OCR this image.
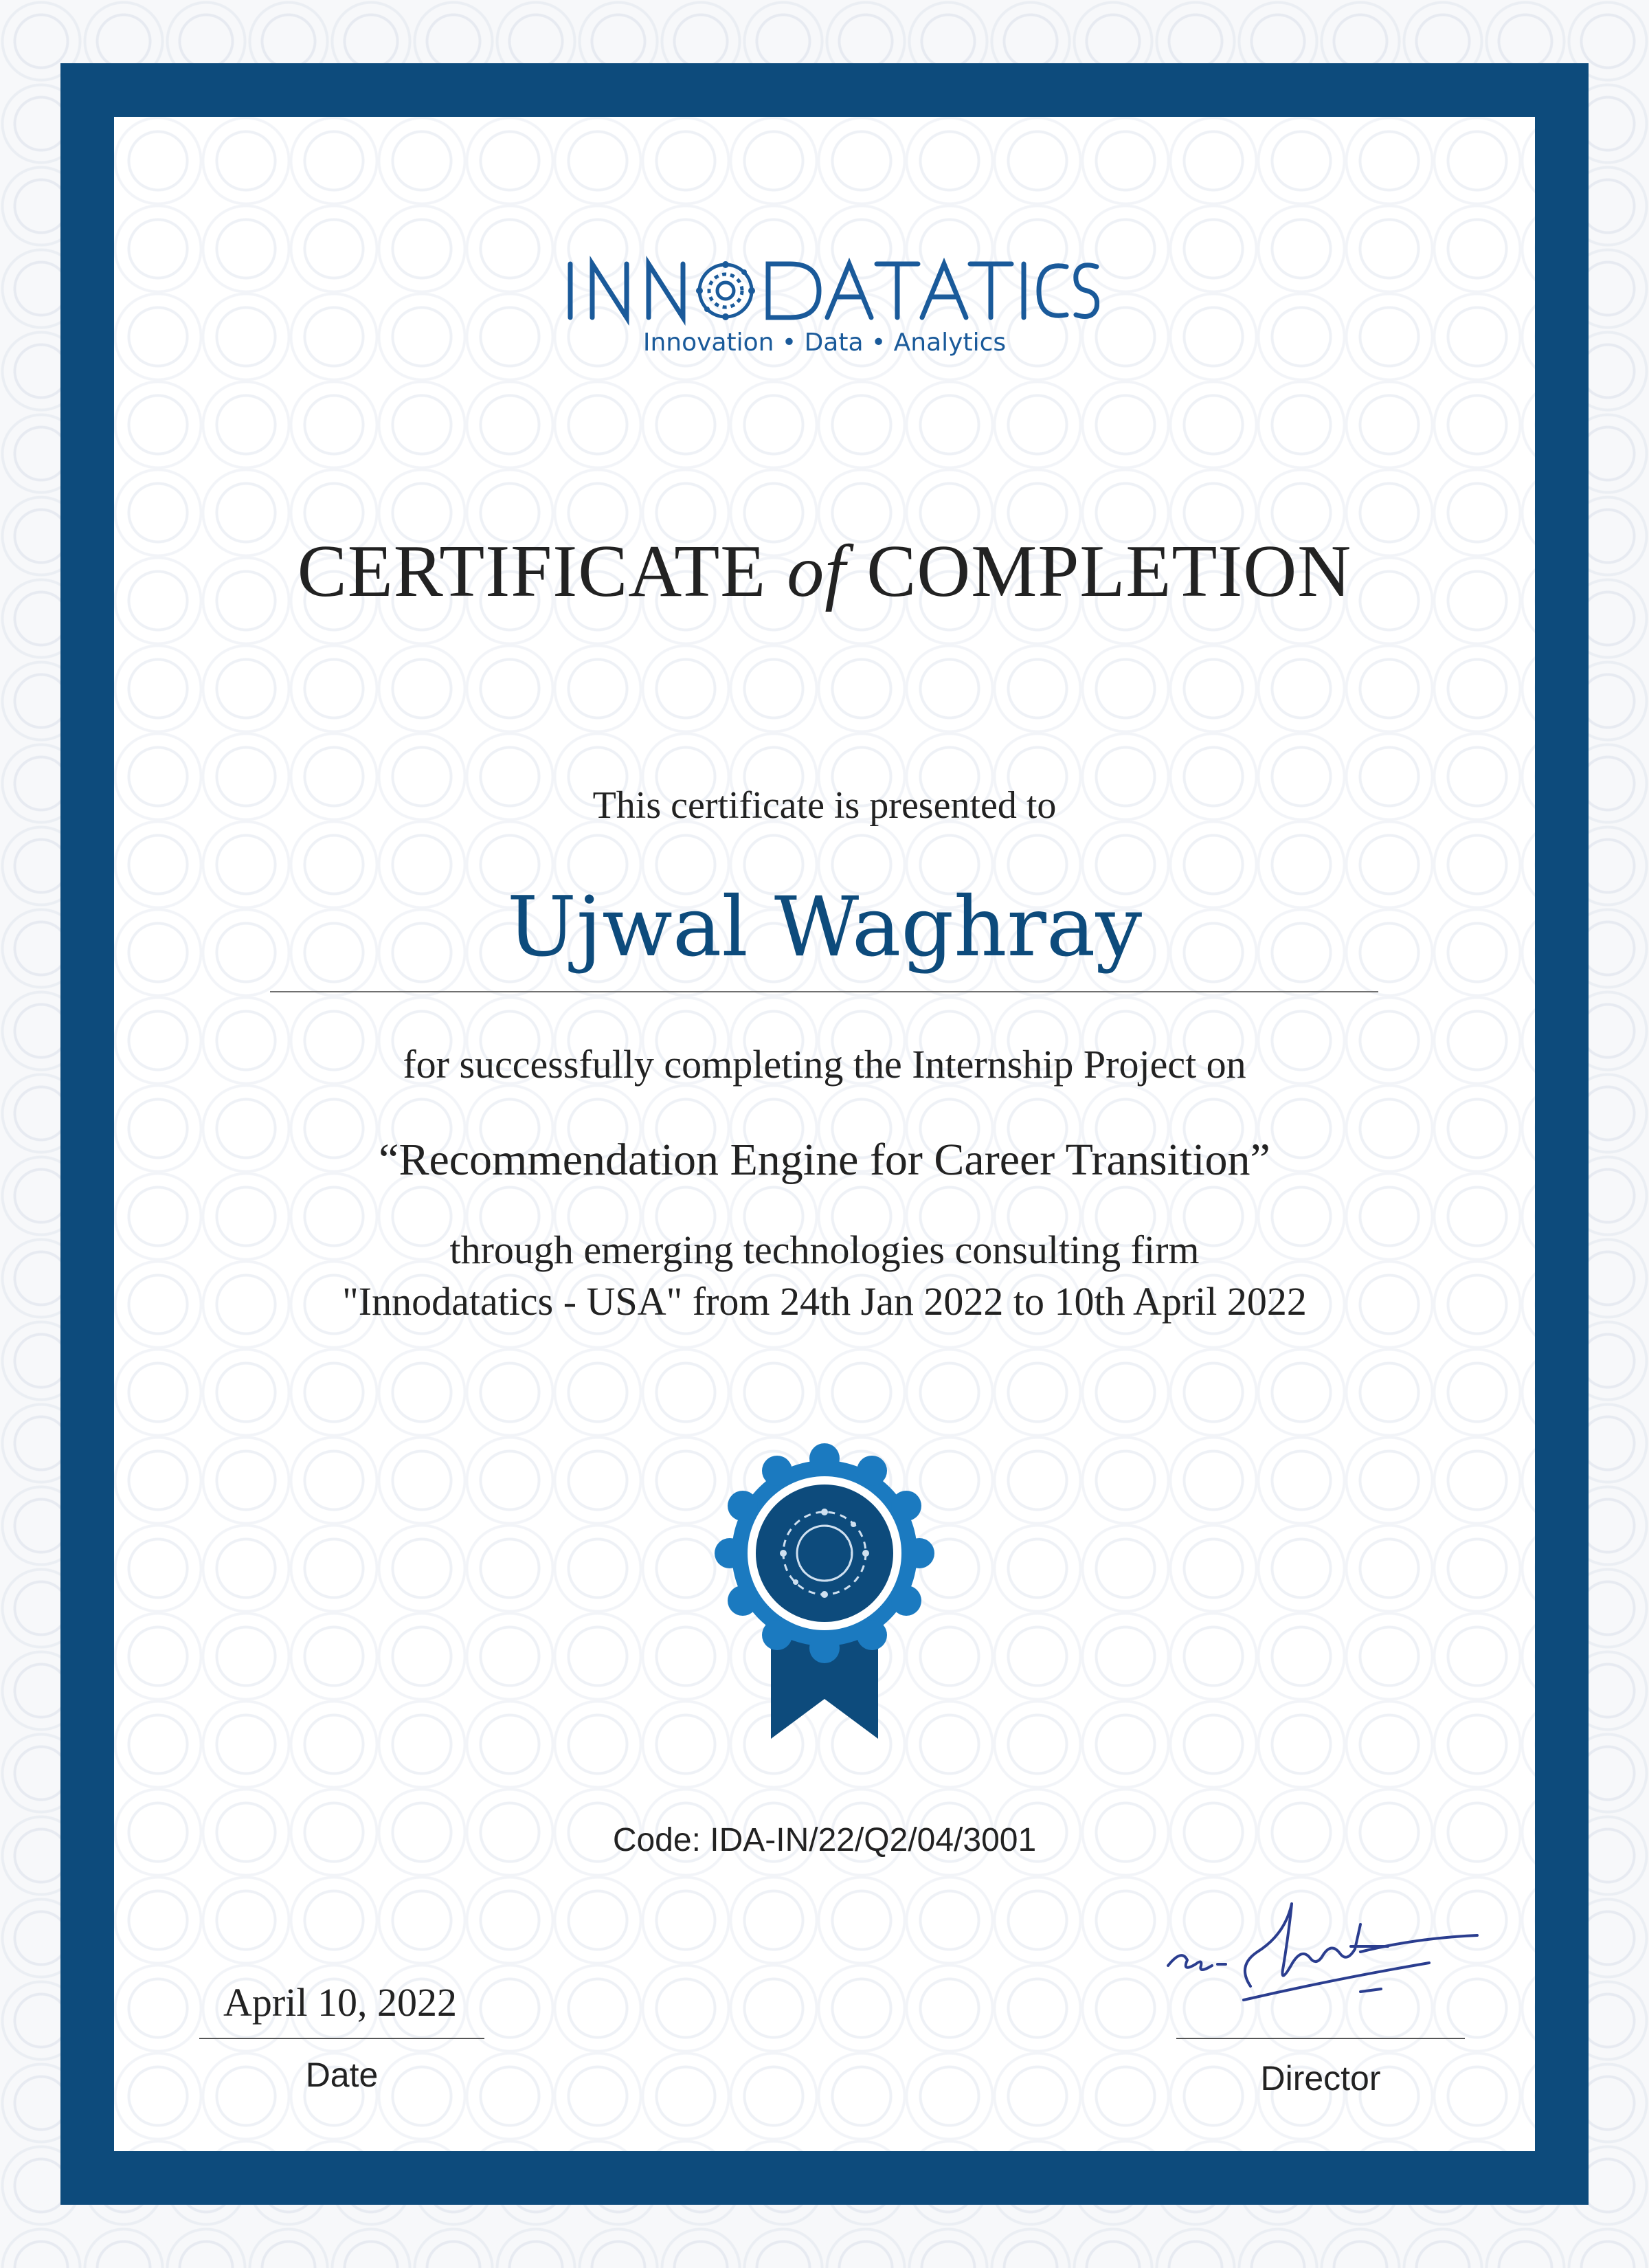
Innovation • Data • Analytics
CERTIFICATE of COMPLETION
This certificate is presented to
Ujwal Waghray
for successfully completing the Internship Project on
“Recommendation Engine for Career Transition”
through emerging technologies consulting firm
"Innodatatics - USA" from 24th Jan 2022 to 10th April 2022
Code: IDA-IN/22/Q2/04/3001
April 10, 2022
Date	Director
